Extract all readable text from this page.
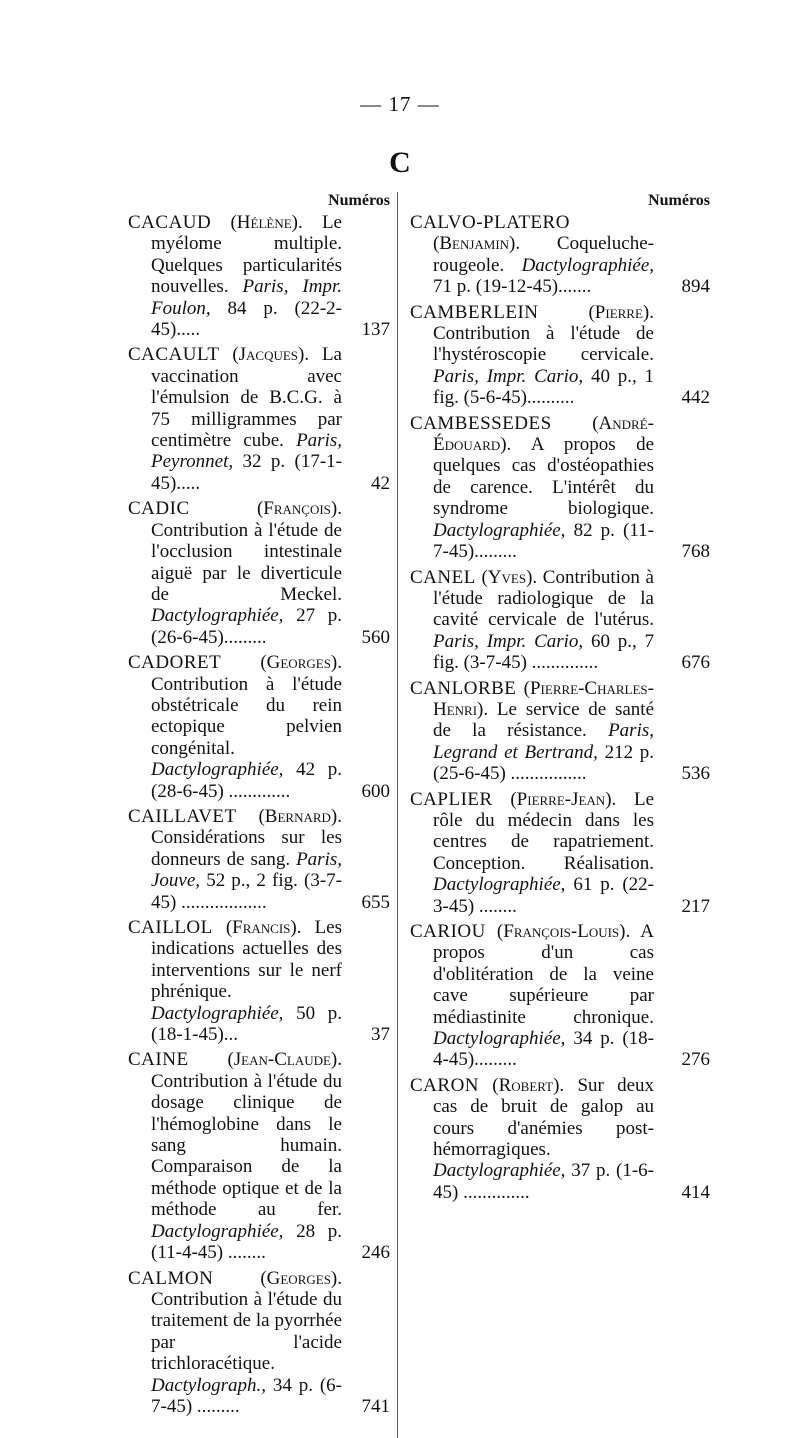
— 17 —
C
Numéros
CACAUD (Hélène). Le myélome multiple. Quelques particularités nouvelles. Paris, Impr. Foulon, 84 p. (22-2-45).....	137
CACAULT (Jacques). La vaccination avec l'émulsion de B.C.G. à 75 milligrammes par centimètre cube. Paris, Peyronnet, 32 p. (17-1-45).....	42
CADIC	(François). Contribution à l'étude de l'occlusion intestinale aiguë par le diverticule de Meckel. Dactylographiée, 27 p. (26-6-45).........	560
CADORET (Georges). Contribution à l'étude obstétricale du rein ectopique pelvien congénital. Dactylographiée, 42 p. (28-6-45) .............	600
CAILLAVET (Bernard). Considérations sur les donneurs de sang. Paris, Jouve, 52 p., 2 fig. (3-7-45) ..................	655
CAILLOL (Francis). Les indications actuelles des interventions sur le nerf phrénique. Dactylographiée, 50 p. (18-1-45)...	37
CAINE (Jean-Claude). Contribution à l'étude du dosage clinique de l'hémoglobine dans le sang humain. Comparaison de la méthode optique et de la méthode au fer. Dactylographiée, 28 p. (11-4-45) ........	246
CALMON (Georges). Contribution à l'étude du traitement de la pyorrhée par l'acide trichloracétique. Dactylograph., 34 p. (6-7-45) .........	741
Numéros
CALVO-PLATERO (Benjamin). Coqueluche-rougeole. Dactylographiée, 71 p. (19-12-45).......	894
CAMBERLEIN	(Pierre). Contribution à l'étude de l'hystéroscopie cervicale. Paris, Impr. Cario, 40 p., 1 fig. (5-6-45)..........	442
CAMBESSEDES (André-Édouard). A propos de quelques cas d'ostéopathies de carence. L'intérêt du syndrome biologique. Dactylographiée, 82 p. (11-7-45).........	768
CANEL (Yves). Contribution à l'étude radiologique de la cavité cervicale de l'utérus. Paris, Impr. Cario, 60 p., 7 fig. (3-7-45) ..............	676
CANLORBE (Pierre-Charles-Henri). Le service de santé de la résistance. Paris, Legrand et Bertrand, 212 p. (25-6-45) ................	536
CAPLIER (Pierre-Jean). Le rôle du médecin dans les centres de rapatriement. Conception. Réalisation. Dactylographiée, 61 p. (22-3-45) ........	217
CARIOU (François-Louis). A propos d'un cas d'oblitération de la veine cave supérieure par médiastinite chronique. Dactylographiée, 34 p. (18-4-45).........	276
CARON (Robert). Sur deux cas de bruit de galop au cours d'anémies post-hémorragiques. Dactylographiée, 37 p. (1-6-45) ..............	414
